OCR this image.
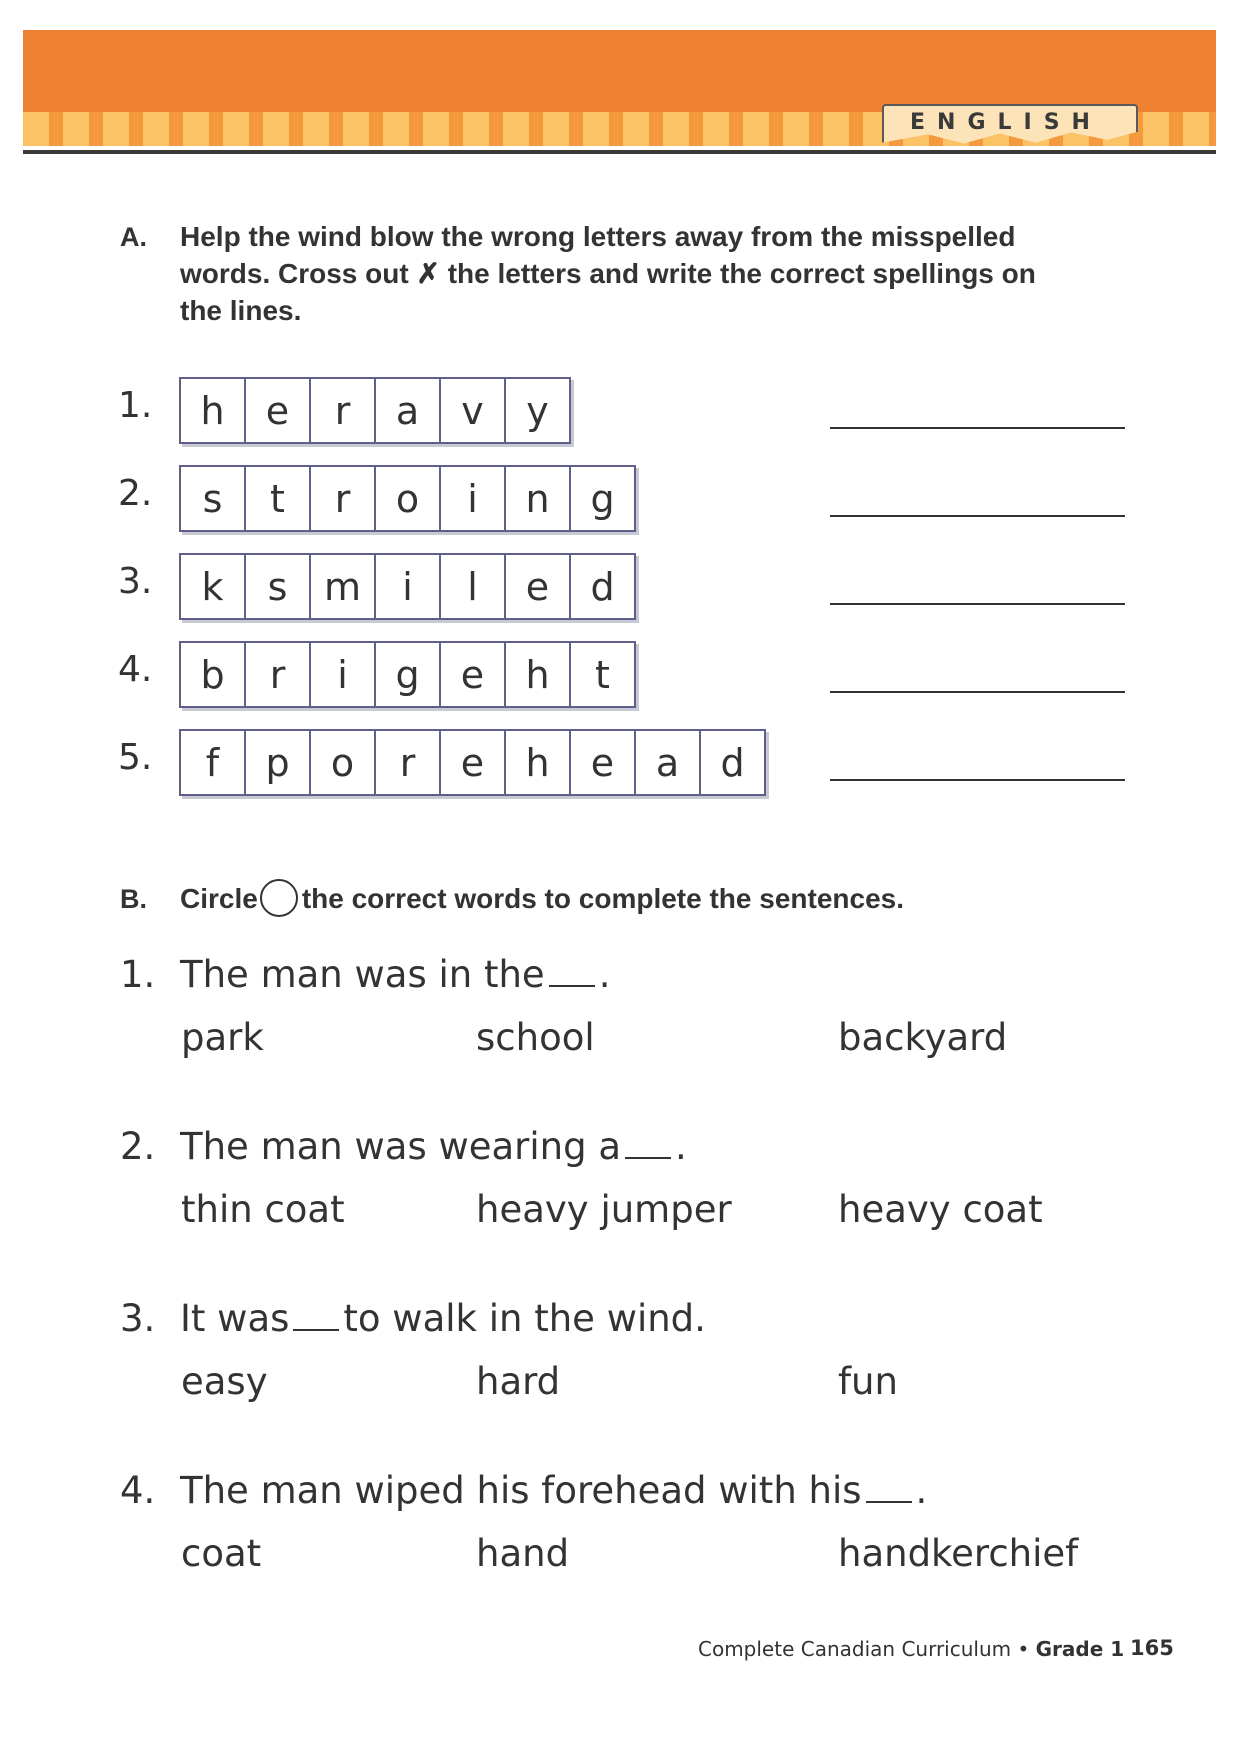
ENGLISH
A. Help the wind blow the wrong letters away from the misspelled
words. Cross out ✗ the letters and write the correct spellings on
the lines.
1.	h	e	r	a	v	y
2.	s	t	r	o	i	n	g
3.	k	s m	i	l	e	d
4.	b	r	i	g	e	h	t
5.	f	p	o	r	e	h	e	a	d
B. Circle the correct words to complete the sentences.
1. The man was in the .
park	school	backyard
2. The man was wearing a .
thin coat	heavy jumper	heavy coat
3. It was to walk in the wind.
easy	hard	fun
4. The man wiped his forehead with his .
coat	hand	handkerchief
Complete Canadian Curriculum • Grade 1 165
